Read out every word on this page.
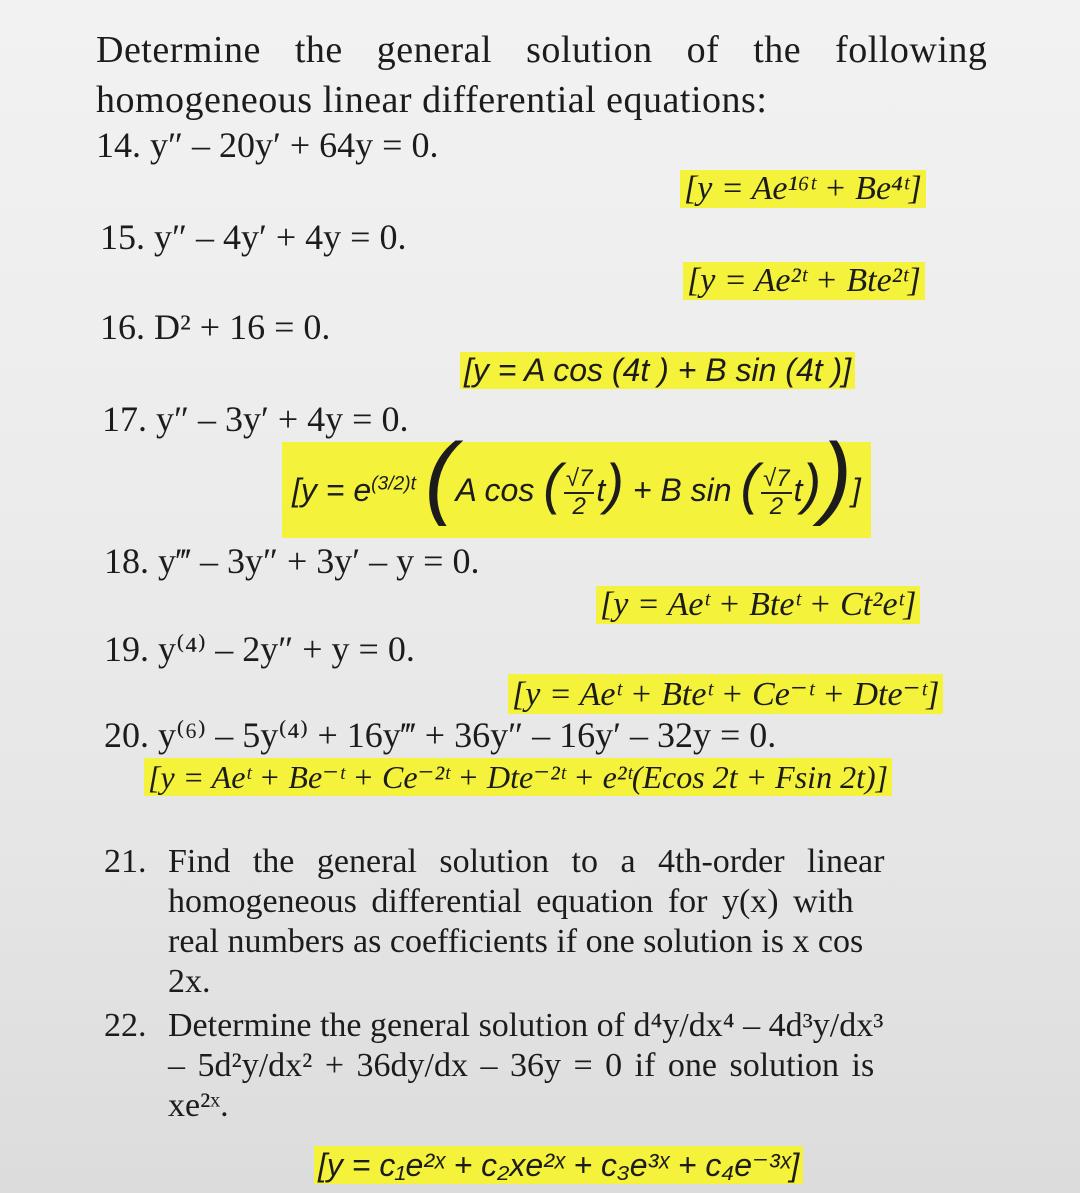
Determine the general solution of the following
homogeneous linear differential equations:
14. y″ – 20y′ + 64y = 0.
[y = Ae¹⁶ᵗ + Be⁴ᵗ]
15. y″ – 4y′ + 4y = 0.
[y = Ae²ᵗ + Bte²ᵗ]
16. D² + 16 = 0.
[y = A cos (4t ) + B sin (4t )]
17. y″ – 3y′ + 4y = 0.
[$y = e^{(3/2)t}$ (A cos ( $\frac{√7}{2} t) + B$ sin ( $\frac{√7}{2} t$))]
18. y‴ – 3y″ + 3y′ – y = 0.
[y = Aeᵗ + Bteᵗ + Ct²eᵗ]
19. y⁽⁴⁾ – 2y″ + y = 0.
[y = Aeᵗ + Bteᵗ + Ce⁻ᵗ + Dte⁻ᵗ]
20. y⁽⁶⁾ – 5y⁽⁴⁾ + 16y‴ + 36y″ – 16y′ – 32y = 0.
[y = Aeᵗ + Be⁻ᵗ + Ce⁻²ᵗ + Dte⁻²ᵗ + e²ᵗ(Ecos 2t + Fsin 2t)]
21. Find the general solution to a 4th-order linear
homogeneous differential equation for y(x) with
real numbers as coefficients if one solution is x cos
2x.
22. Determine the general solution of d⁴y/dx⁴ – 4d³y/dx³
– 5d²y/dx² + 36dy/dx – 36y = 0 if one solution is
xe²ˣ.
[y = c₁e²ˣ + c₂xe²ˣ + c₃e³ˣ + c₄e⁻³ˣ]
